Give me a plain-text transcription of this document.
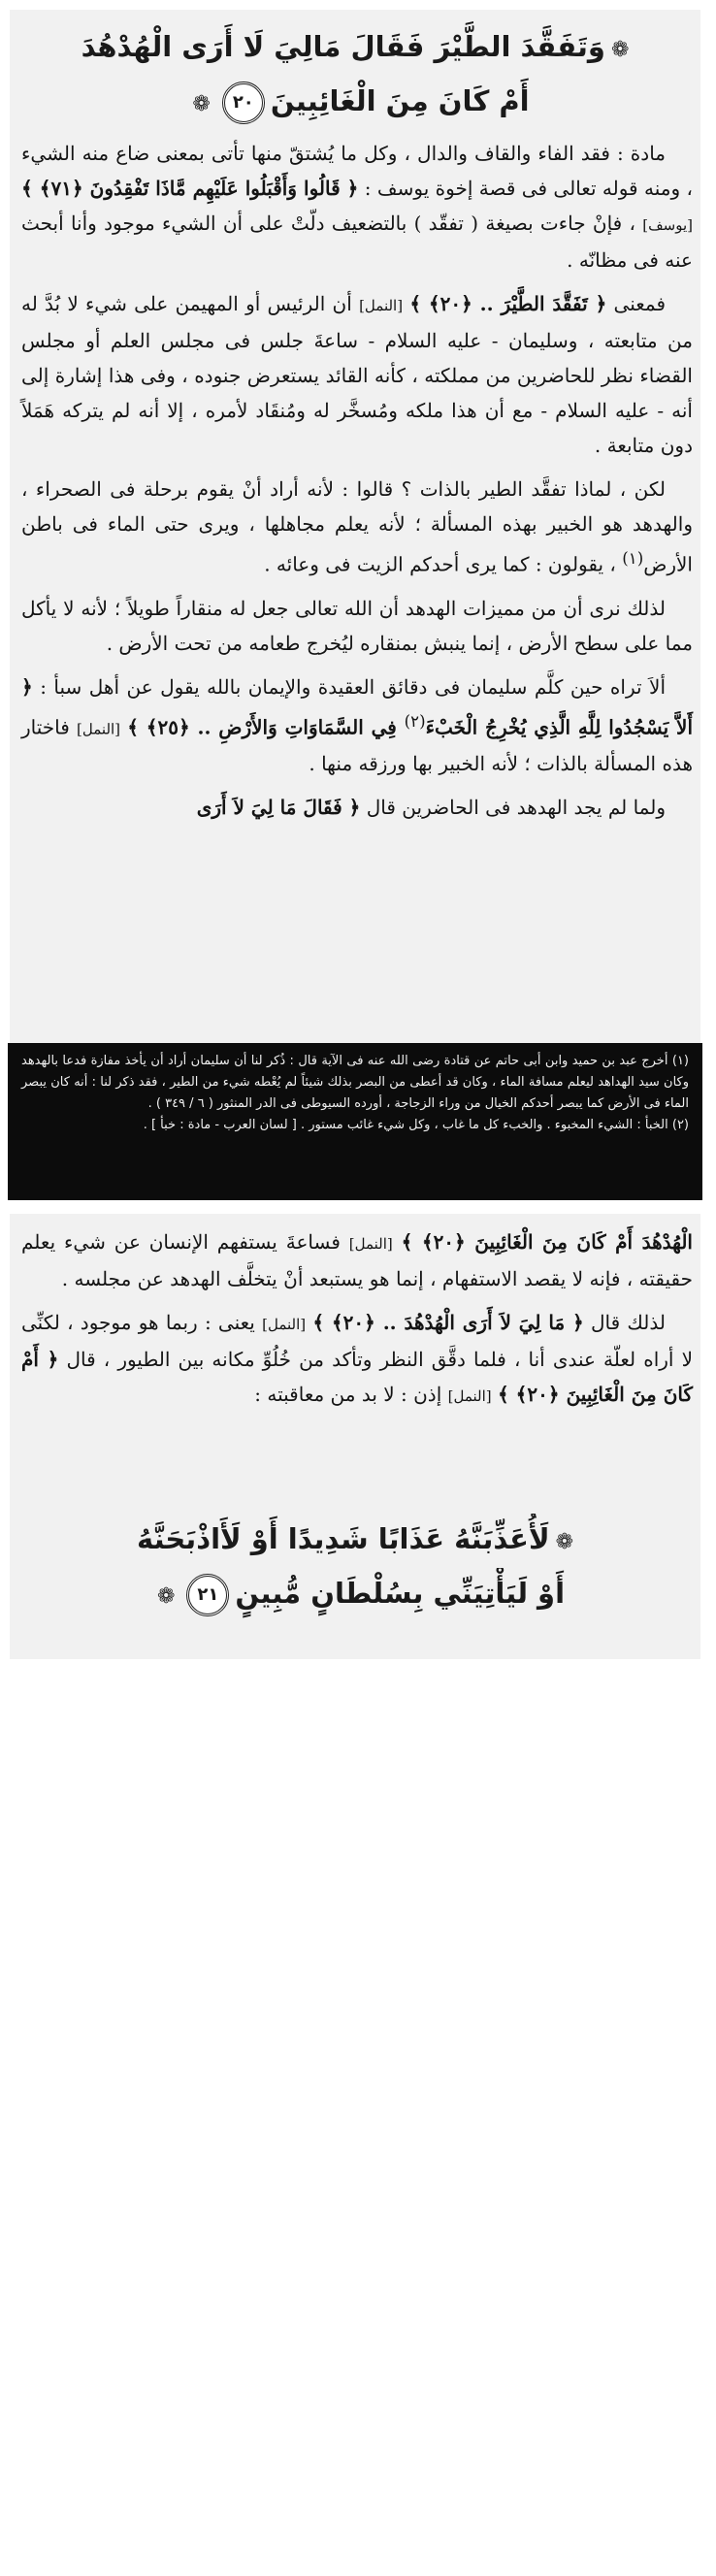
❁وَتَفَقَّدَ الطَّيْرَ فَقَالَ مَالِيَ لَا أَرَى الْهُدْهُدَ
أَمْ كَانَ مِنَ الْغَائِبِينَ٢٠❁

مادة : فقد الفاء والقاف والدال ، وكل ما يُشتقّ منها تأتى بمعنى ضاع منه الشيء ، ومنه قوله تعالى فى قصة إخوة يوسف : ﴿ قَالُوا وَأَقْبَلُوا عَلَيْهِم مَّاذَا تَفْقِدُونَ ﴿٧١﴾ ﴾ [يوسف] ، فإنْ جاءت بصيغة ( تفقّد ) بالتضعيف دلّتْ على أن الشيء موجود وأنا أبحث عنه فى مظانّه .

فمعنى ﴿ تَفَقَّدَ الطَّيْرَ .. ﴿٢٠﴾ ﴾ [النمل] أن الرئيس أو المهيمن على شيء لا بُدَّ له من متابعته ، وسليمان - عليه السلام - ساعةَ جلس فى مجلس العلم أو مجلس القضاء نظر للحاضرين من مملكته ، كأنه القائد يستعرض جنوده ، وفى هذا إشارة إلى أنه - عليه السلام - مع أن هذا ملكه ومُسخَّر له ومُنقَاد لأمره ، إلا أنه لم يتركه هَمَلاً دون متابعة .

لكن ، لماذا تفقَّد الطير بالذات ؟ قالوا : لأنه أراد أنْ يقوم برحلة فى الصحراء ، والهدهد هو الخبير بهذه المسألة ؛ لأنه يعلم مجاهلها ، ويرى حتى الماء فى باطن الأرض$^{(١)}$ ، يقولون : كما يرى أحدكم الزيت فى وعائه .

لذلك نرى أن من مميزات الهدهد أن الله تعالى جعل له منقاراً طويلاً ؛ لأنه لا يأكل مما على سطح الأرض ، إنما ينبش بمنقاره ليُخرج طعامه من تحت الأرض .

ألاَ تراه حين كلَّم سليمان فى دقائق العقيدة والإيمان بالله يقول عن أهل سبأ : ﴿ أَلاَّ يَسْجُدُوا لِلَّهِ الَّذِي يُخْرِجُ الْخَبْءَ$^{(٢)}$ فِي السَّمَاوَاتِ وَالأَرْضِ .. ﴿٢٥﴾ ﴾ [النمل] فاختار هذه المسألة بالذات ؛ لأنه الخبير بها ورزقه منها .

ولما لم يجد الهدهد فى الحاضرين قال ﴿ فَقَالَ مَا لِيَ لاَ أَرَى

(١) أخرج عبد بن حميد وابن أبى حاتم عن قتادة رضى الله عنه فى الآية قال : ذُكر لنا أن سليمان أراد أن يأخذ مفازة فدعا بالهدهد وكان سيد الهداهد ليعلم مسافة الماء ، وكان قد أعطى من البصر بذلك شيئاً لم يُعْطه شيء من الطير ، فقد ذكر لنا : أنه كان يبصر الماء فى الأرض كما يبصر أحدكم الخيال من وراء الزجاجة ، أورده السيوطى فى الدر المنثور ( ٦ / ٣٤٩ ) .

(٢) الخبأ : الشيء المخبوء . والخبء كل ما غاب ، وكل شيء غائب مستور . [ لسان العرب - مادة : خبأ ] .

الْهُدْهُدَ أَمْ كَانَ مِنَ الْغَائِبِينَ ﴿٢٠﴾ ﴾ [النمل] فساعةَ يستفهم الإنسان عن شيء يعلم حقيقته ، فإنه لا يقصد الاستفهام ، إنما هو يستبعد أنْ يتخلَّف الهدهد عن مجلسه .

لذلك قال ﴿ مَا لِيَ لاَ أَرَى الْهُدْهُدَ .. ﴿٢٠﴾ ﴾ [النمل] يعنى : ربما هو موجود ، لكنِّى لا أراه لعلّة عندى أنا ، فلما دقَّق النظر وتأكد من خُلُوِّ مكانه بين الطيور ، قال ﴿ أَمْ كَانَ مِنَ الْغَائِبِينَ ﴿٢٠﴾ ﴾ [النمل] إذن : لا بد من معاقبته :

❁لَأُعَذِّبَنَّهُ عَذَابًا شَدِيدًا أَوْ لَأَاذْبَحَنَّهُ
أَوْ لَيَأْتِيَنِّي بِسُلْطَانٍ مُّبِينٍ٢١❁
